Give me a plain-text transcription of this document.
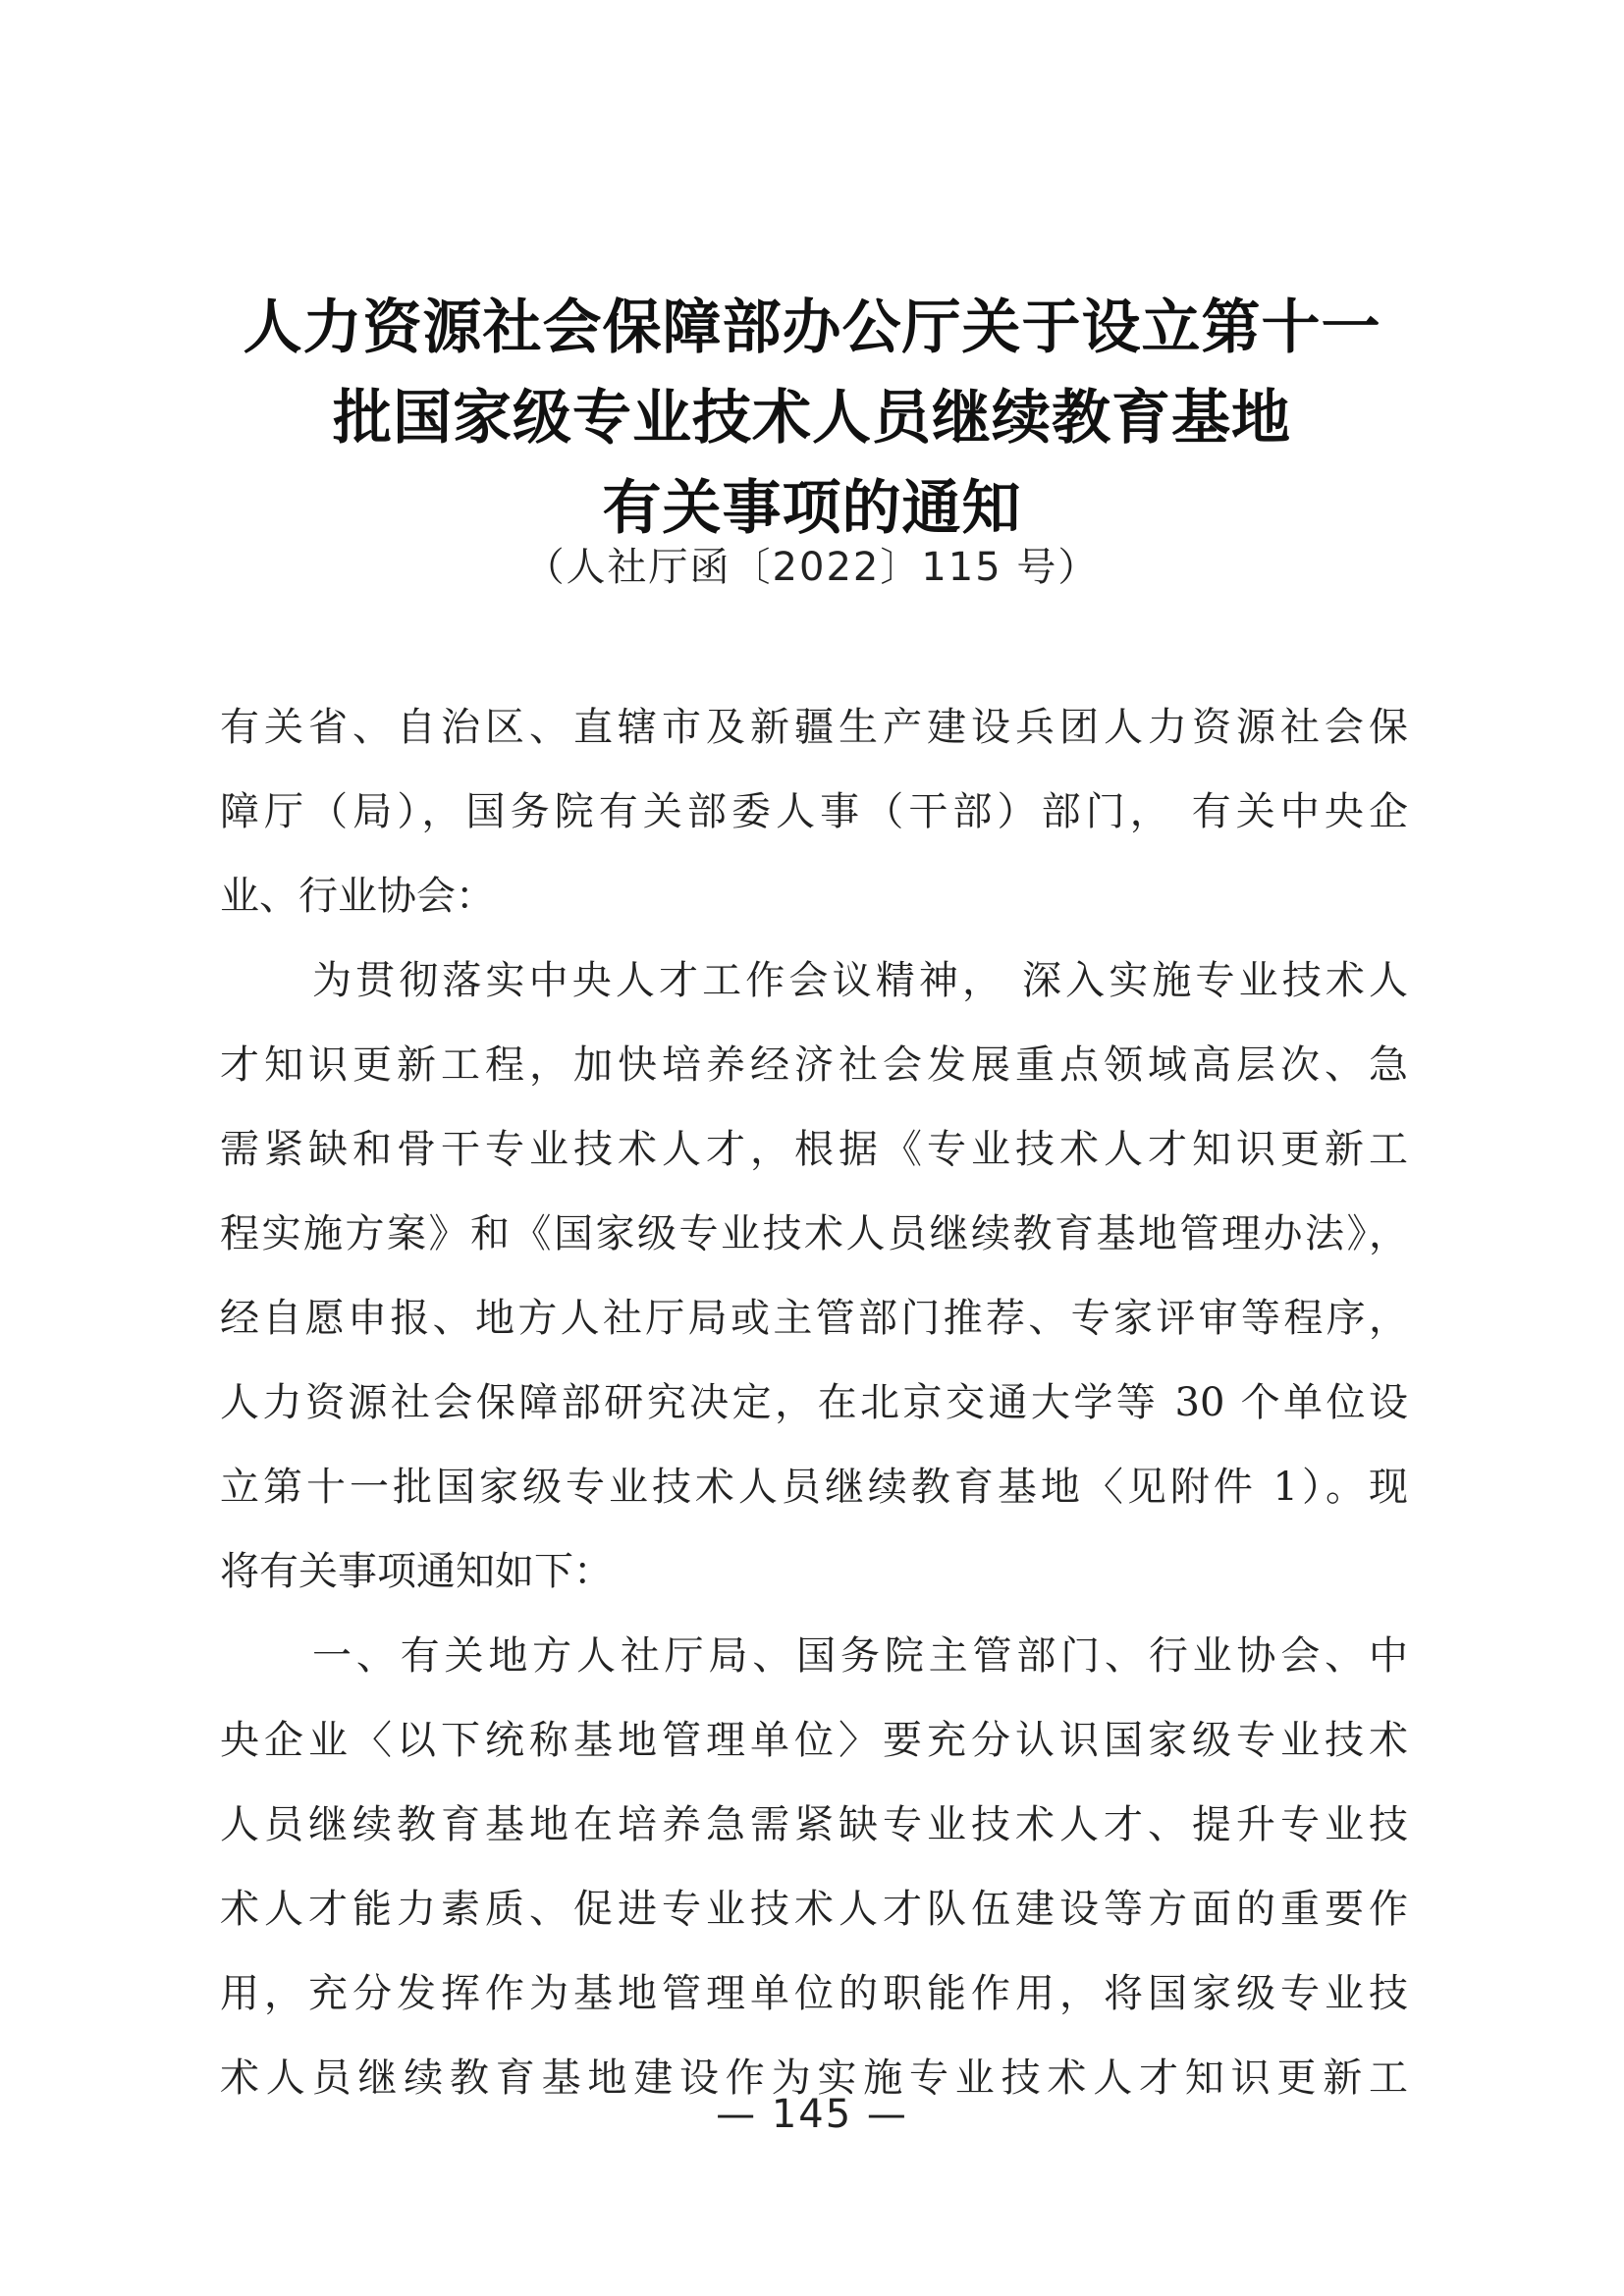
人力资源社会保障部办公厅关于设立第十一
批国家级专业技术人员继续教育基地
有关事项的通知
（人社厅函〔2022〕115 号）
有关省、自治区、直辖市及新疆生产建设兵团人力资源社会保
障厅（局），国务院有关部委人事（干部）部门， 有关中央企
业、行业协会：
为贯彻落实中央人才工作会议精神， 深入实施专业技术人
才知识更新工程，加快培养经济社会发展重点领域高层次、急
需紧缺和骨干专业技术人才，根据《专业技术人才知识更新工
程实施方案》和《国家级专业技术人员继续教育基地管理办法》，
经自愿申报、地方人社厅局或主管部门推荐、专家评审等程序，
人力资源社会保障部研究决定，在北京交通大学等 30 个单位设
立第十一批国家级专业技术人员继续教育基地〈见附件 1）。现
将有关事项通知如下：
一、有关地方人社厅局、国务院主管部门、行业协会、中
央企业〈以下统称基地管理单位〉要充分认识国家级专业技术
人员继续教育基地在培养急需紧缺专业技术人才、提升专业技
术人才能力素质、促进专业技术人才队伍建设等方面的重要作
用，充分发挥作为基地管理单位的职能作用，将国家级专业技
术人员继续教育基地建设作为实施专业技术人才知识更新工
— 145 —
